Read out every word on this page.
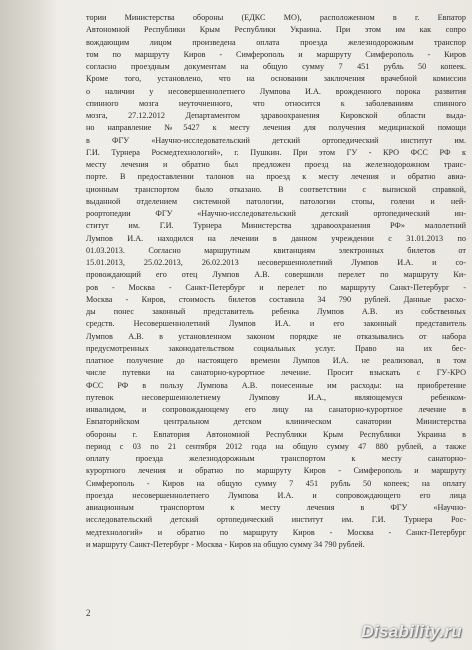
тории Министерства обороны (ЕДКС МО), расположенном в г. Евпатор
Автономной Республики Крым Республики Украина. При этом им как сопро
вождающим лицом произведена оплата проезда железнодорожным транспор
том по маршруту Киров - Симферополь и маршруту Симферополь - Киров
согласно проездным документам на общую сумму 7 451 рубль 50 копеек.
Кроме того, установлено, что на основании заключения врачебной комиссии
о наличии у несовершеннолетнего Лумпова И.А. врожденного порока развития
спинного мозга неуточненного, что относится к заболеваниям спинного
мозга, 27.12.2012 Департаментом здравоохранения Кировской области выда-
но направление №5427 к месту лечения для получения медицинской помощи
в ФГУ «Научно-исследовательский детский ортопедический институт им.
Г.И. Турнера Росмедтехнологий», г. Пушкин. При этом ГУ - КРО ФСС РФ к
месту лечения и обратно был предложен проезд на железнодорожном транс-
порте. В предоставлении талонов на проезд к месту лечения и обратно авиа-
ционным транспортом было отказано. В соответствии с выпиской справкой,
выданной отделением системной патологии, патологии стопы, голени и ней-
роортопедии ФГУ «Научно-исследовательский детский ортопедический ин-
ститут им. Г.И. Турнера Министерства здравоохранения РФ» малолетний
Лумпов И.А. находился на лечении в данном учреждении с 31.01.2013 по
01.03.2013. Согласно маршрутным квитанциям электронных билетов от
15.01.2013, 25.02.2013, 26.02.2013 несовершеннолетний Лумпов И.А. и со-
провождающий его отец Лумпов А.В. совершили перелет по маршруту Ки-
ров - Москва - Санкт-Петербург и перелет по маршруту Санкт-Петербург -
Москва - Киров, стоимость билетов составила 34 790 рублей. Данные расхо-
ды понес законный представитель ребенка Лумпов А.В. из собственных
средств. Несовершеннолетний Лумпов И.А. и его законный представитель
Лумпов А.В. в установленном законом порядке не отказывались от набора
предусмотренных законодательством социальных услуг. Право на их бес-
платное получение до настоящего времени Лумпов И.А. не реализовал, в том
числе путевки на санаторно-курортное лечение. Просит взыскать с ГУ-КРО
ФСС РФ в пользу Лумпова А.В. понесенные им расходы: на приобретение
путевок несовершеннолетнему Лумпову И.А., являющемуся ребенком-
инвалидом, и сопровождающему его лицу на санаторно-курортное лечение в
Евпаторийском центральном детском клиническом санатории Министерства
обороны г. Евпатория Автономной Республики Крым Республики Украина в
период с 03 по 21 сентября 2012 года на общую сумму 47 880 рублей, а также
оплату проезда железнодорожным транспортом к месту санаторно-
курортного лечения и обратно по маршруту Киров - Симферополь и маршруту
Симферополь - Киров на общую сумму 7 451 рубль 50 копеек; на оплату
проезда несовершеннолетнего Лумпова И.А. и сопровождающего его лица
авиационным транспортом к месту лечения в ФГУ «Научно-
исследовательский детский ортопедический институт им. Г.И. Турнера Рос-
медтехнологий» и обратно по маршруту Киров - Москва - Санкт-Петербург
и маршруту Санкт-Петербург - Москва - Киров на общую сумму 34 790 рублей.
2
Disability.ru
